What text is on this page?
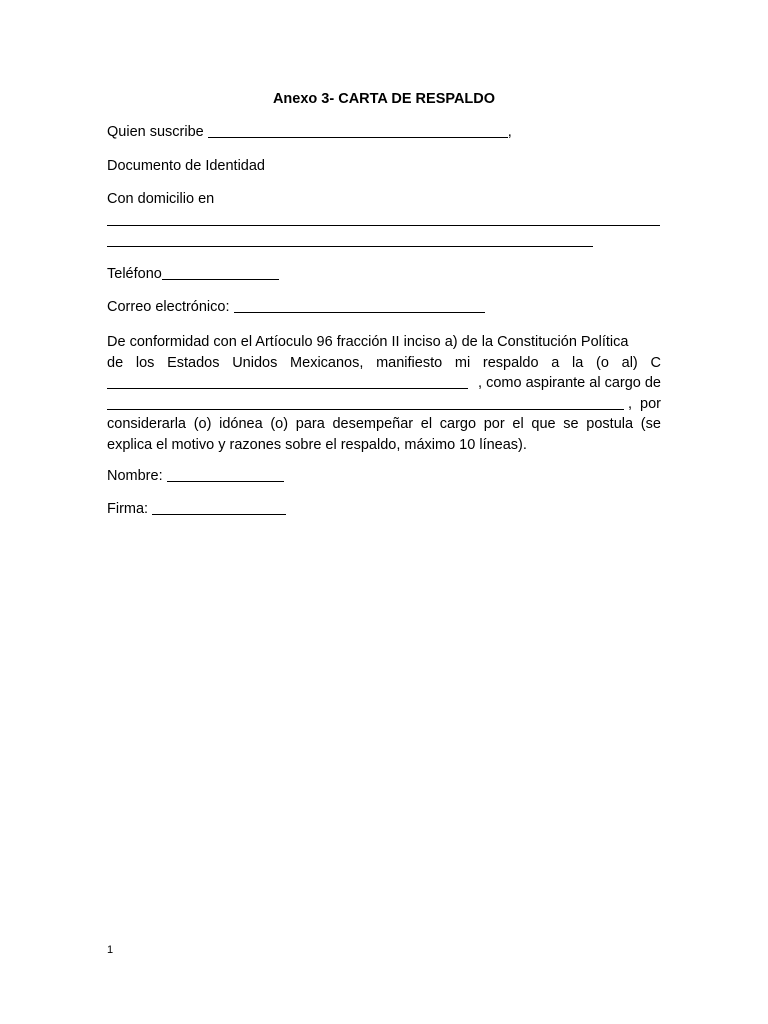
Anexo 3- CARTA DE RESPALDO
Quien suscribe	,
Documento de Identidad
Con domicilio en
Teléfono
Correo electrónico:
De conformidad con el Artíoculo 96 fracción II inciso a) de la Constitución Política
de los Estados Unidos Mexicanos, manifiesto mi respaldo a la (o al) C
, como aspirante al cargo de
,  por
considerarla (o) idónea (o) para desempeñar el cargo por el que se postula (se
explica el motivo y razones sobre el respaldo, máximo 10 líneas).
Nombre:
Firma:
1
